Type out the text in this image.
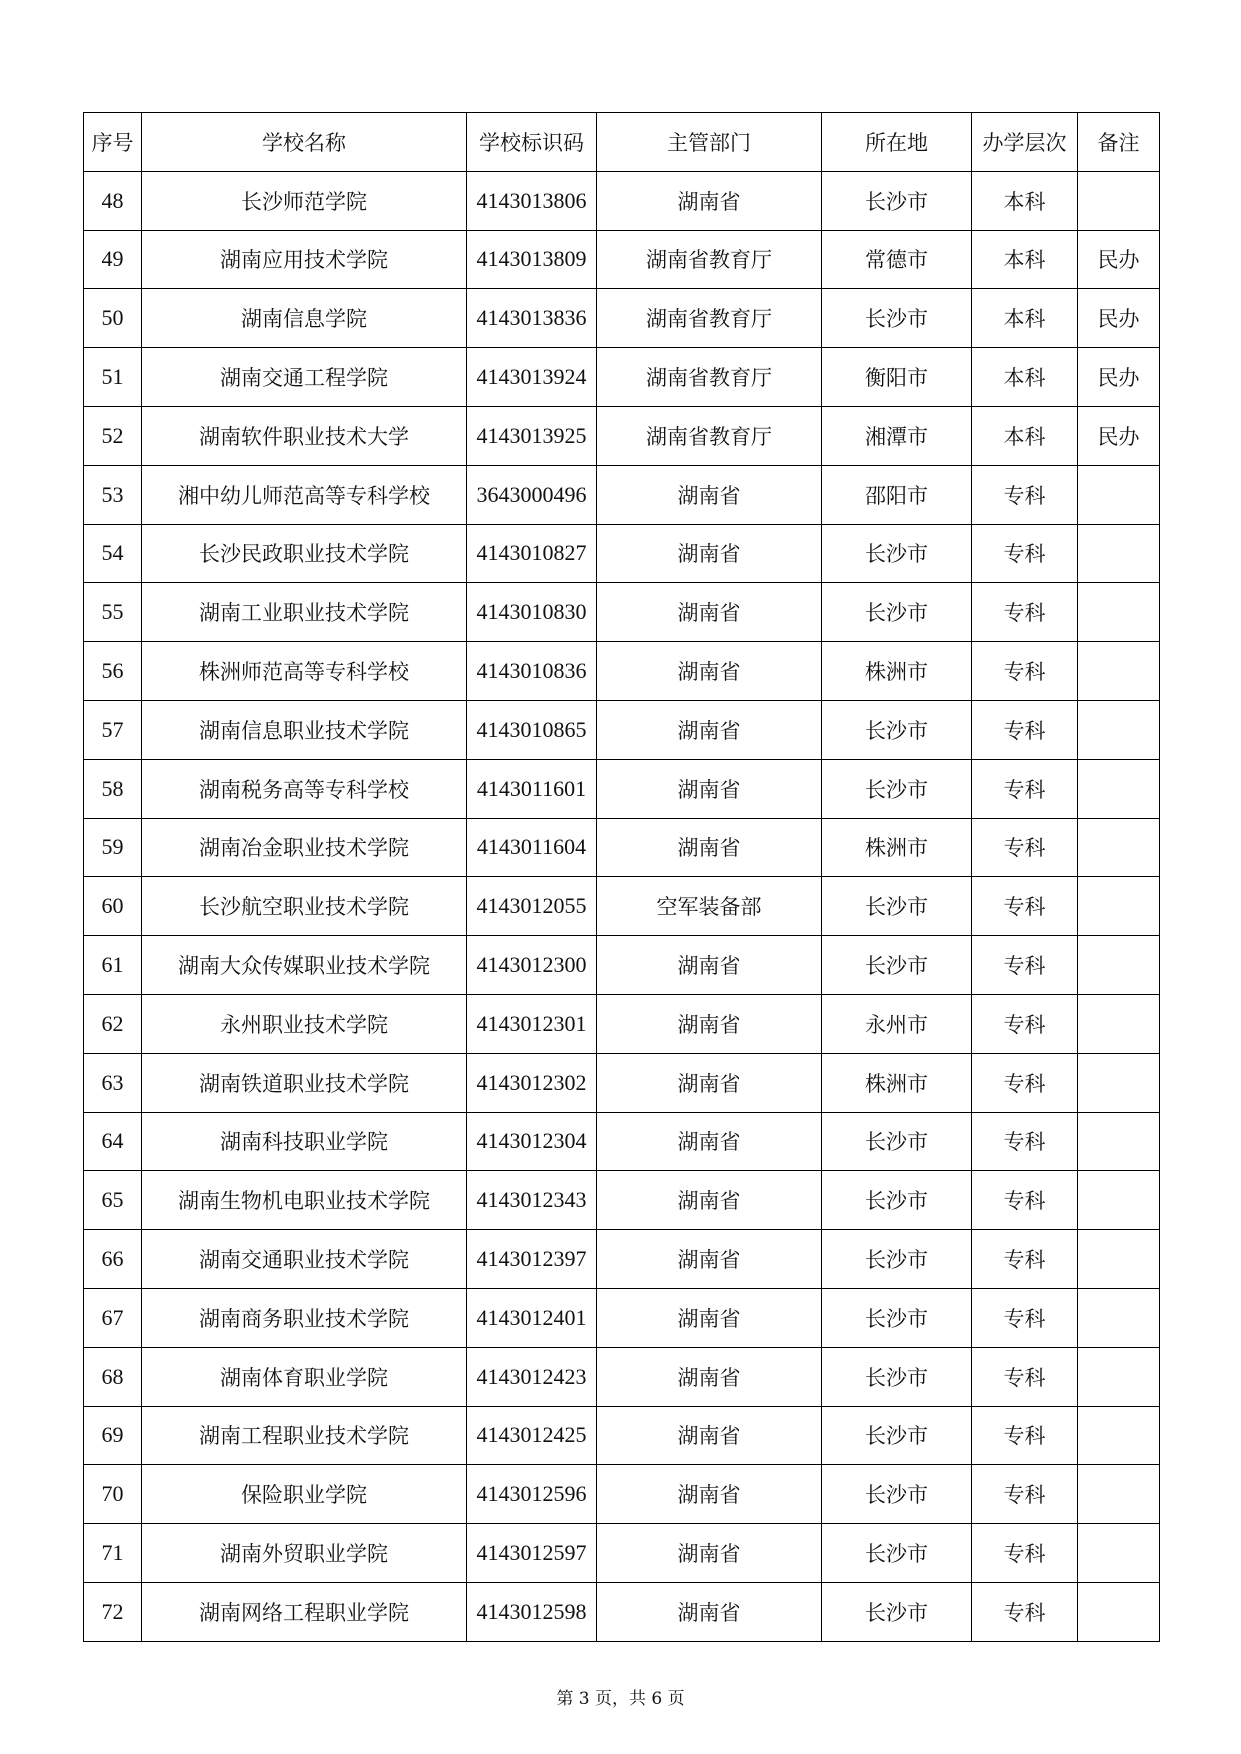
序号	学校名称	学校标识码	主管部门	所在地	办学层次	备注
48	长沙师范学院	4143013806	湖南省	长沙市	本科	
49	湖南应用技术学院	4143013809	湖南省教育厅	常德市	本科	民办
50	湖南信息学院	4143013836	湖南省教育厅	长沙市	本科	民办
51	湖南交通工程学院	4143013924	湖南省教育厅	衡阳市	本科	民办
52	湖南软件职业技术大学	4143013925	湖南省教育厅	湘潭市	本科	民办
53	湘中幼儿师范高等专科学校	3643000496	湖南省	邵阳市	专科	
54	长沙民政职业技术学院	4143010827	湖南省	长沙市	专科	
55	湖南工业职业技术学院	4143010830	湖南省	长沙市	专科	
56	株洲师范高等专科学校	4143010836	湖南省	株洲市	专科	
57	湖南信息职业技术学院	4143010865	湖南省	长沙市	专科	
58	湖南税务高等专科学校	4143011601	湖南省	长沙市	专科	
59	湖南冶金职业技术学院	4143011604	湖南省	株洲市	专科	
60	长沙航空职业技术学院	4143012055	空军装备部	长沙市	专科	
61	湖南大众传媒职业技术学院	4143012300	湖南省	长沙市	专科	
62	永州职业技术学院	4143012301	湖南省	永州市	专科	
63	湖南铁道职业技术学院	4143012302	湖南省	株洲市	专科	
64	湖南科技职业学院	4143012304	湖南省	长沙市	专科	
65	湖南生物机电职业技术学院	4143012343	湖南省	长沙市	专科	
66	湖南交通职业技术学院	4143012397	湖南省	长沙市	专科	
67	湖南商务职业技术学院	4143012401	湖南省	长沙市	专科	
68	湖南体育职业学院	4143012423	湖南省	长沙市	专科	
69	湖南工程职业技术学院	4143012425	湖南省	长沙市	专科	
70	保险职业学院	4143012596	湖南省	长沙市	专科	
71	湖南外贸职业学院	4143012597	湖南省	长沙市	专科	
72	湖南网络工程职业学院	4143012598	湖南省	长沙市	专科	
第 3 页，共 6 页
